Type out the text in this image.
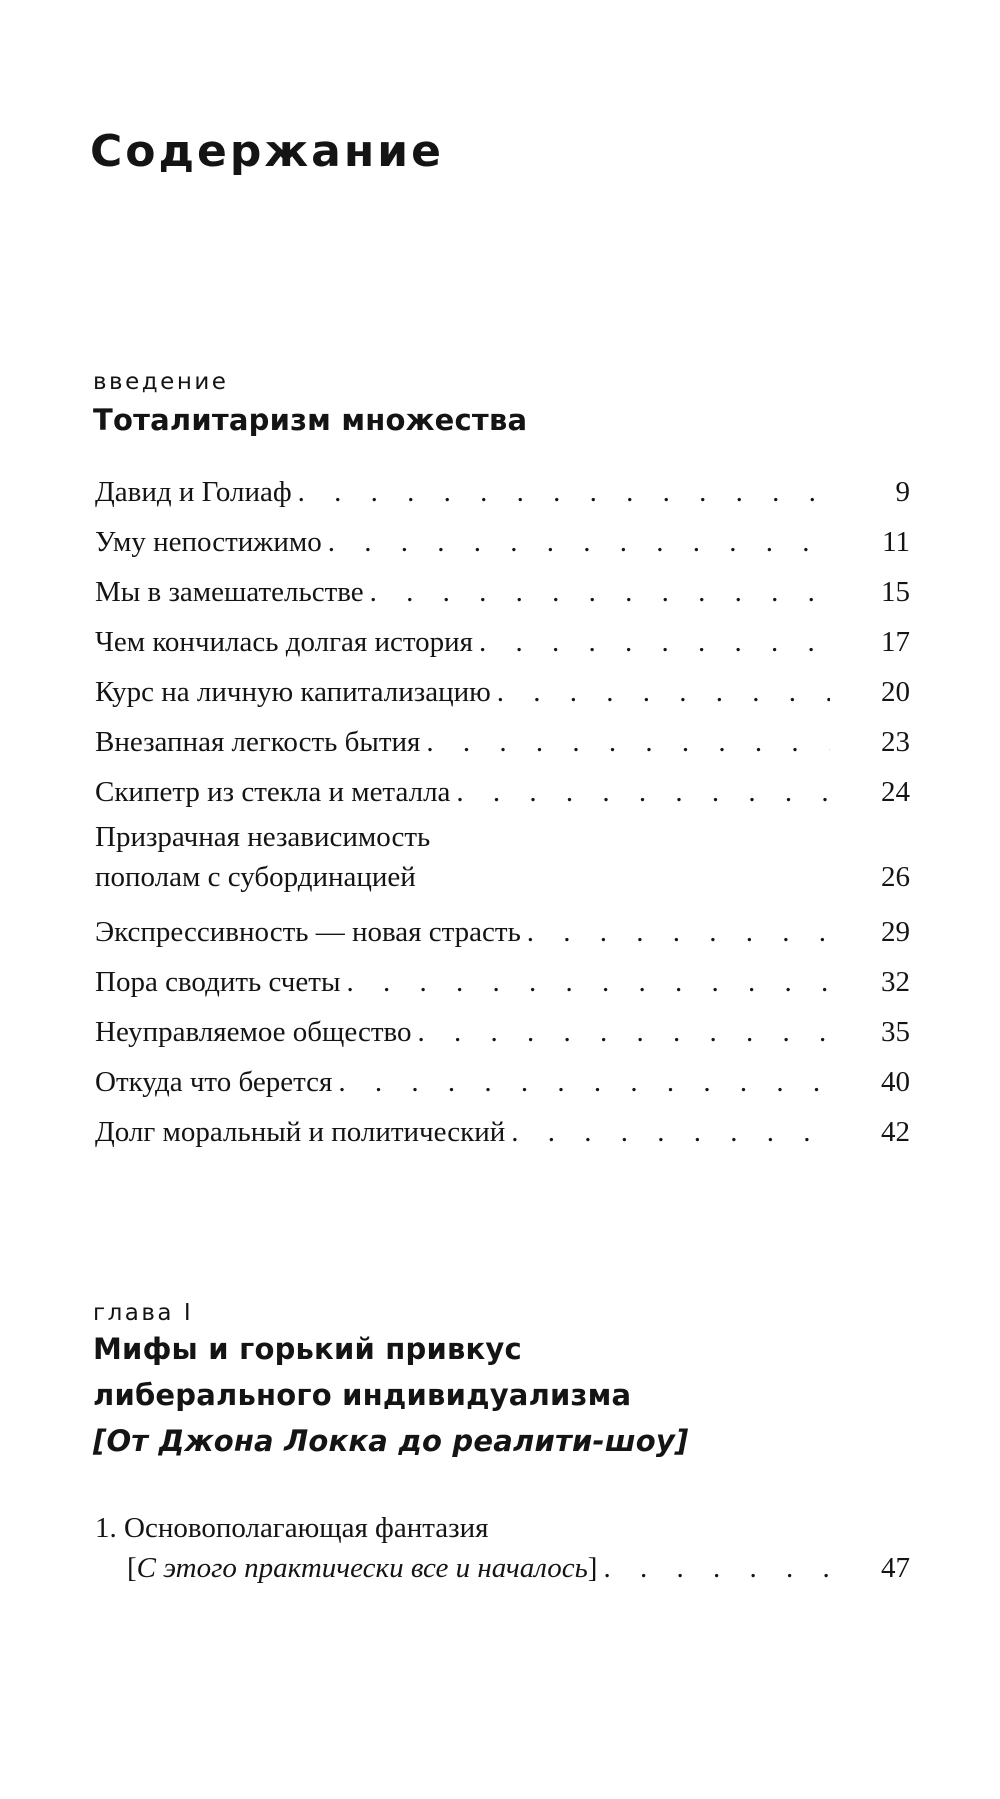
Содержание
введение
Тоталитаризм множества
Давид и Голиаф . . .	9
Уму непостижимо . . .	11
Мы в замешательстве . . .	15
Чем кончилась долгая история . . .	17
Курс на личную капитализацию . . .	20
Внезапная легкость бытия . . .	23
Скипетр из стекла и металла . . .	24
Призрачная независимость
пополам с субординацией	26
Экспрессивность — новая страсть . . .	29
Пора сводить счеты . . .	32
Неуправляемое общество . . .	35
Откуда что берется . . .	40
Долг моральный и политический . . .	42
глава I
Мифы и горький привкус
либерального индивидуализма
[От Джона Локка до реалити-шоу]
1. Основополагающая фантазия
[С этого практически все и началось] . . .	47
